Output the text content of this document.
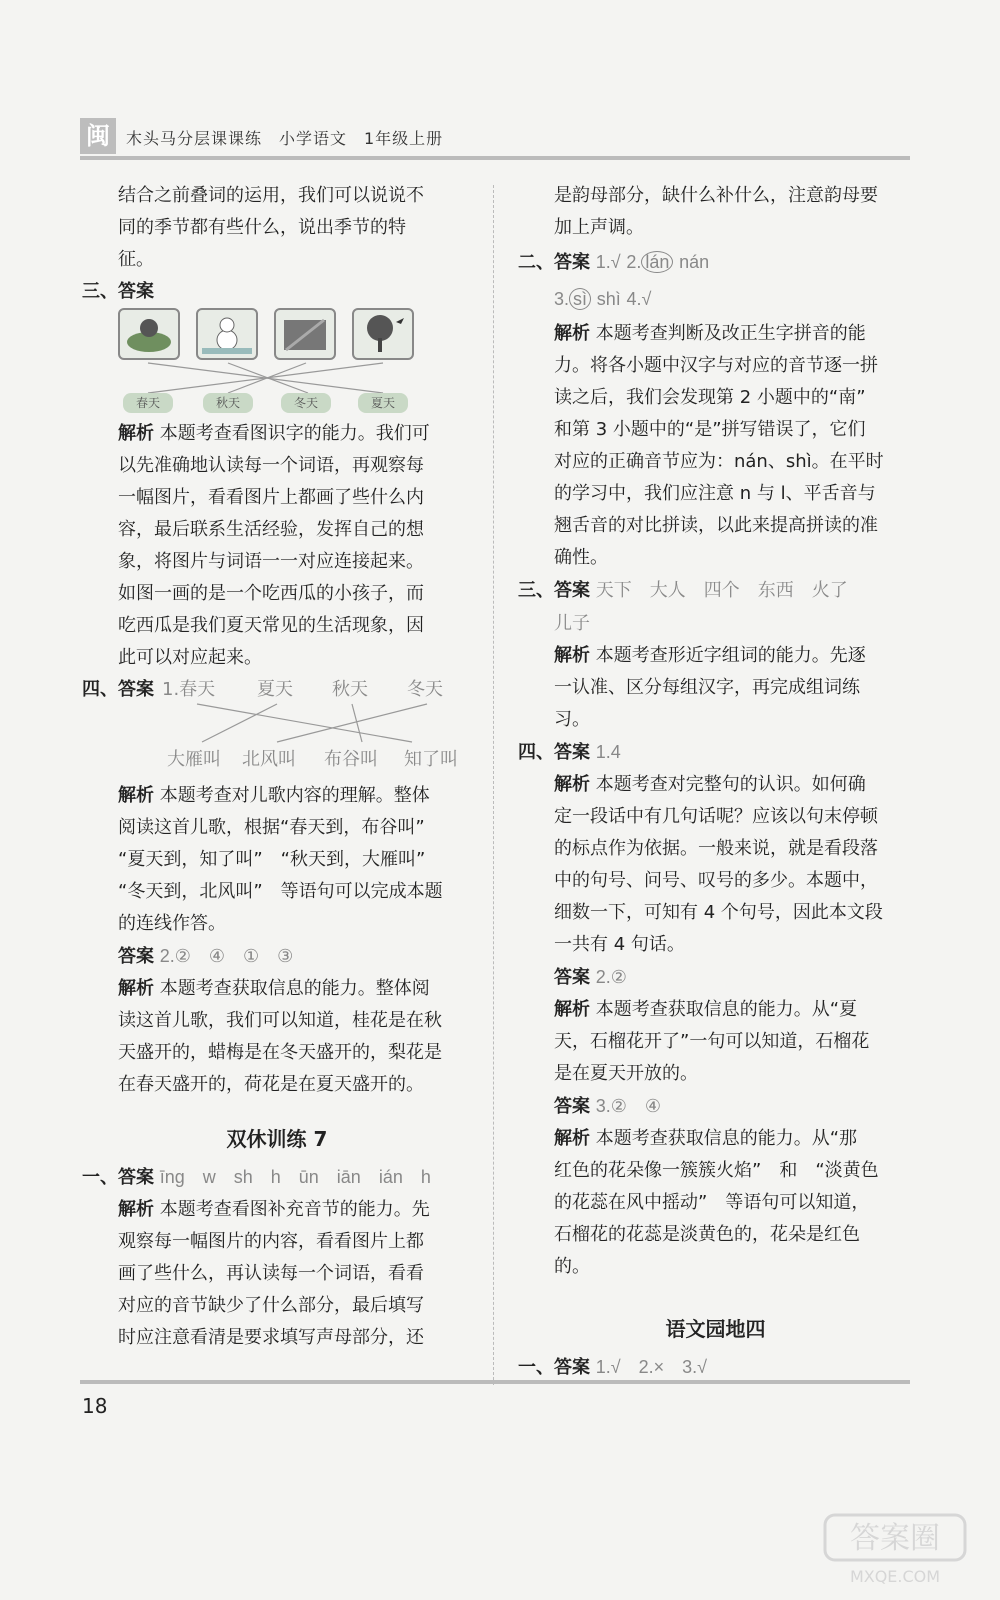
闽	木头马分层课课练　小学语文　1年级上册
结合之前叠词的运用，我们可以说说不
同的季节都有些什么，说出季节的特
征。
三、答案
春天	秋天	冬天	夏天
解析 本题考查看图识字的能力。我们可
以先准确地认读每一个词语，再观察每
一幅图片，看看图片上都画了些什么内
容，最后联系生活经验，发挥自己的想
象，将图片与词语一一对应连接起来。
如图一画的是一个吃西瓜的小孩子，而
吃西瓜是我们夏天常见的生活现象，因
此可以对应起来。
四、答案 1.春天 夏天 秋天 冬天
大雁叫 北风叫 布谷叫 知了叫
解析 本题考查对儿歌内容的理解。整体
阅读这首儿歌，根据“春天到，布谷叫”
“夏天到，知了叫”　“秋天到，大雁叫”
“冬天到，北风叫”　等语句可以完成本题
的连线作答。
答案 2.②　④　①　③
解析 本题考查获取信息的能力。整体阅
读这首儿歌，我们可以知道，桂花是在秋
天盛开的，蜡梅是在冬天盛开的，梨花是
在春天盛开的，荷花是在夏天盛开的。
双休训练 7
一、答案 īng　w　sh　h　ūn　iān　ián　h
解析 本题考查看图补充音节的能力。先
观察每一幅图片的内容，看看图片上都
画了些什么，再认读每一个词语，看看
对应的音节缺少了什么部分，最后填写
时应注意看清是要求填写声母部分，还
是韵母部分，缺什么补什么，注意韵母要
加上声调。
二、答案 1.√ 2. lán nán
3. sì shì 4.√
解析 本题考查判断及改正生字拼音的能
力。将各小题中汉字与对应的音节逐一拼
读之后，我们会发现第 2 小题中的“南”
和第 3 小题中的“是”拼写错误了，它们
对应的正确音节应为：nán、shì。在平时
的学习中，我们应注意 n 与 l、平舌音与
翘舌音的对比拼读，以此来提高拼读的准
确性。
三、答案 天下　大人　四个　东西　火了
儿子
解析 本题考查形近字组词的能力。先逐
一认准、区分每组汉字，再完成组词练
习。
四、答案 1.4
解析 本题考查对完整句的认识。如何确
定一段话中有几句话呢？应该以句末停顿
的标点作为依据。一般来说，就是看段落
中的句号、问号、叹号的多少。本题中，
细数一下，可知有 4 个句号，因此本文段
一共有 4 句话。
答案 2.②
解析 本题考查获取信息的能力。从“夏
天，石榴花开了”一句可以知道，石榴花
是在夏天开放的。
答案 3.②　④
解析 本题考查获取信息的能力。从“那
红色的花朵像一簇簇火焰”　和　“淡黄色
的花蕊在风中摇动”　等语句可以知道，
石榴花的花蕊是淡黄色的，花朵是红色
的。
语文园地四
一、答案 1.√　2.×　3.√
18
答案圈
MXQE.COM
